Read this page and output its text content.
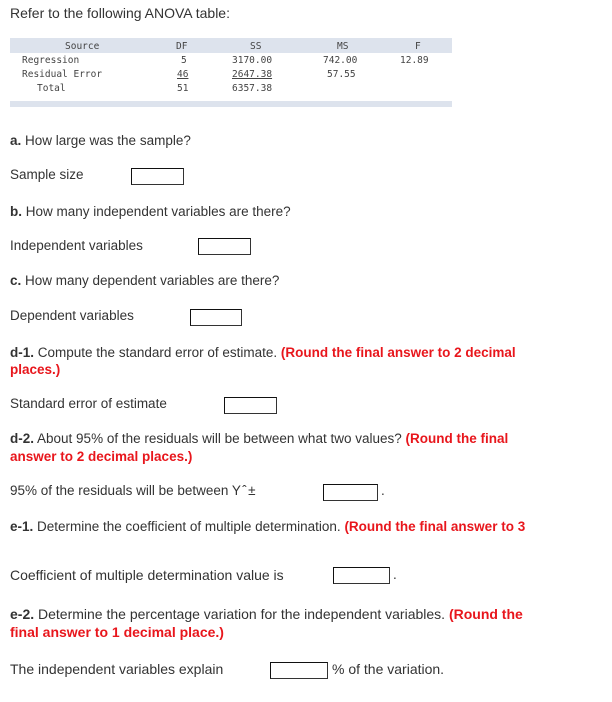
Refer to the following ANOVA table:
Source	DF	SS	MS	F
Regression	5	3170.00	742.00	12.89
Residual Error	46	2647.38	57.55
Total	51	6357.38
a. How large was the sample?
Sample size
b. How many independent variables are there?
Independent variables
c. How many dependent variables are there?
Dependent variables
d-1. Compute the standard error of estimate. (Round the final answer to 2 decimal
places.)
Standard error of estimate
d-2. About 95% of the residuals will be between what two values? (Round the final
answer to 2 decimal places.)
95% of the residuals will be between Y ̂ ±	.
e-1. Determine the coefficient of multiple determination. (Round the final answer to 3
Coefficient of multiple determination value is	.
e-2. Determine the percentage variation for the independent variables. (Round the
final answer to 1 decimal place.)
The independent variables explain	% of the variation.
